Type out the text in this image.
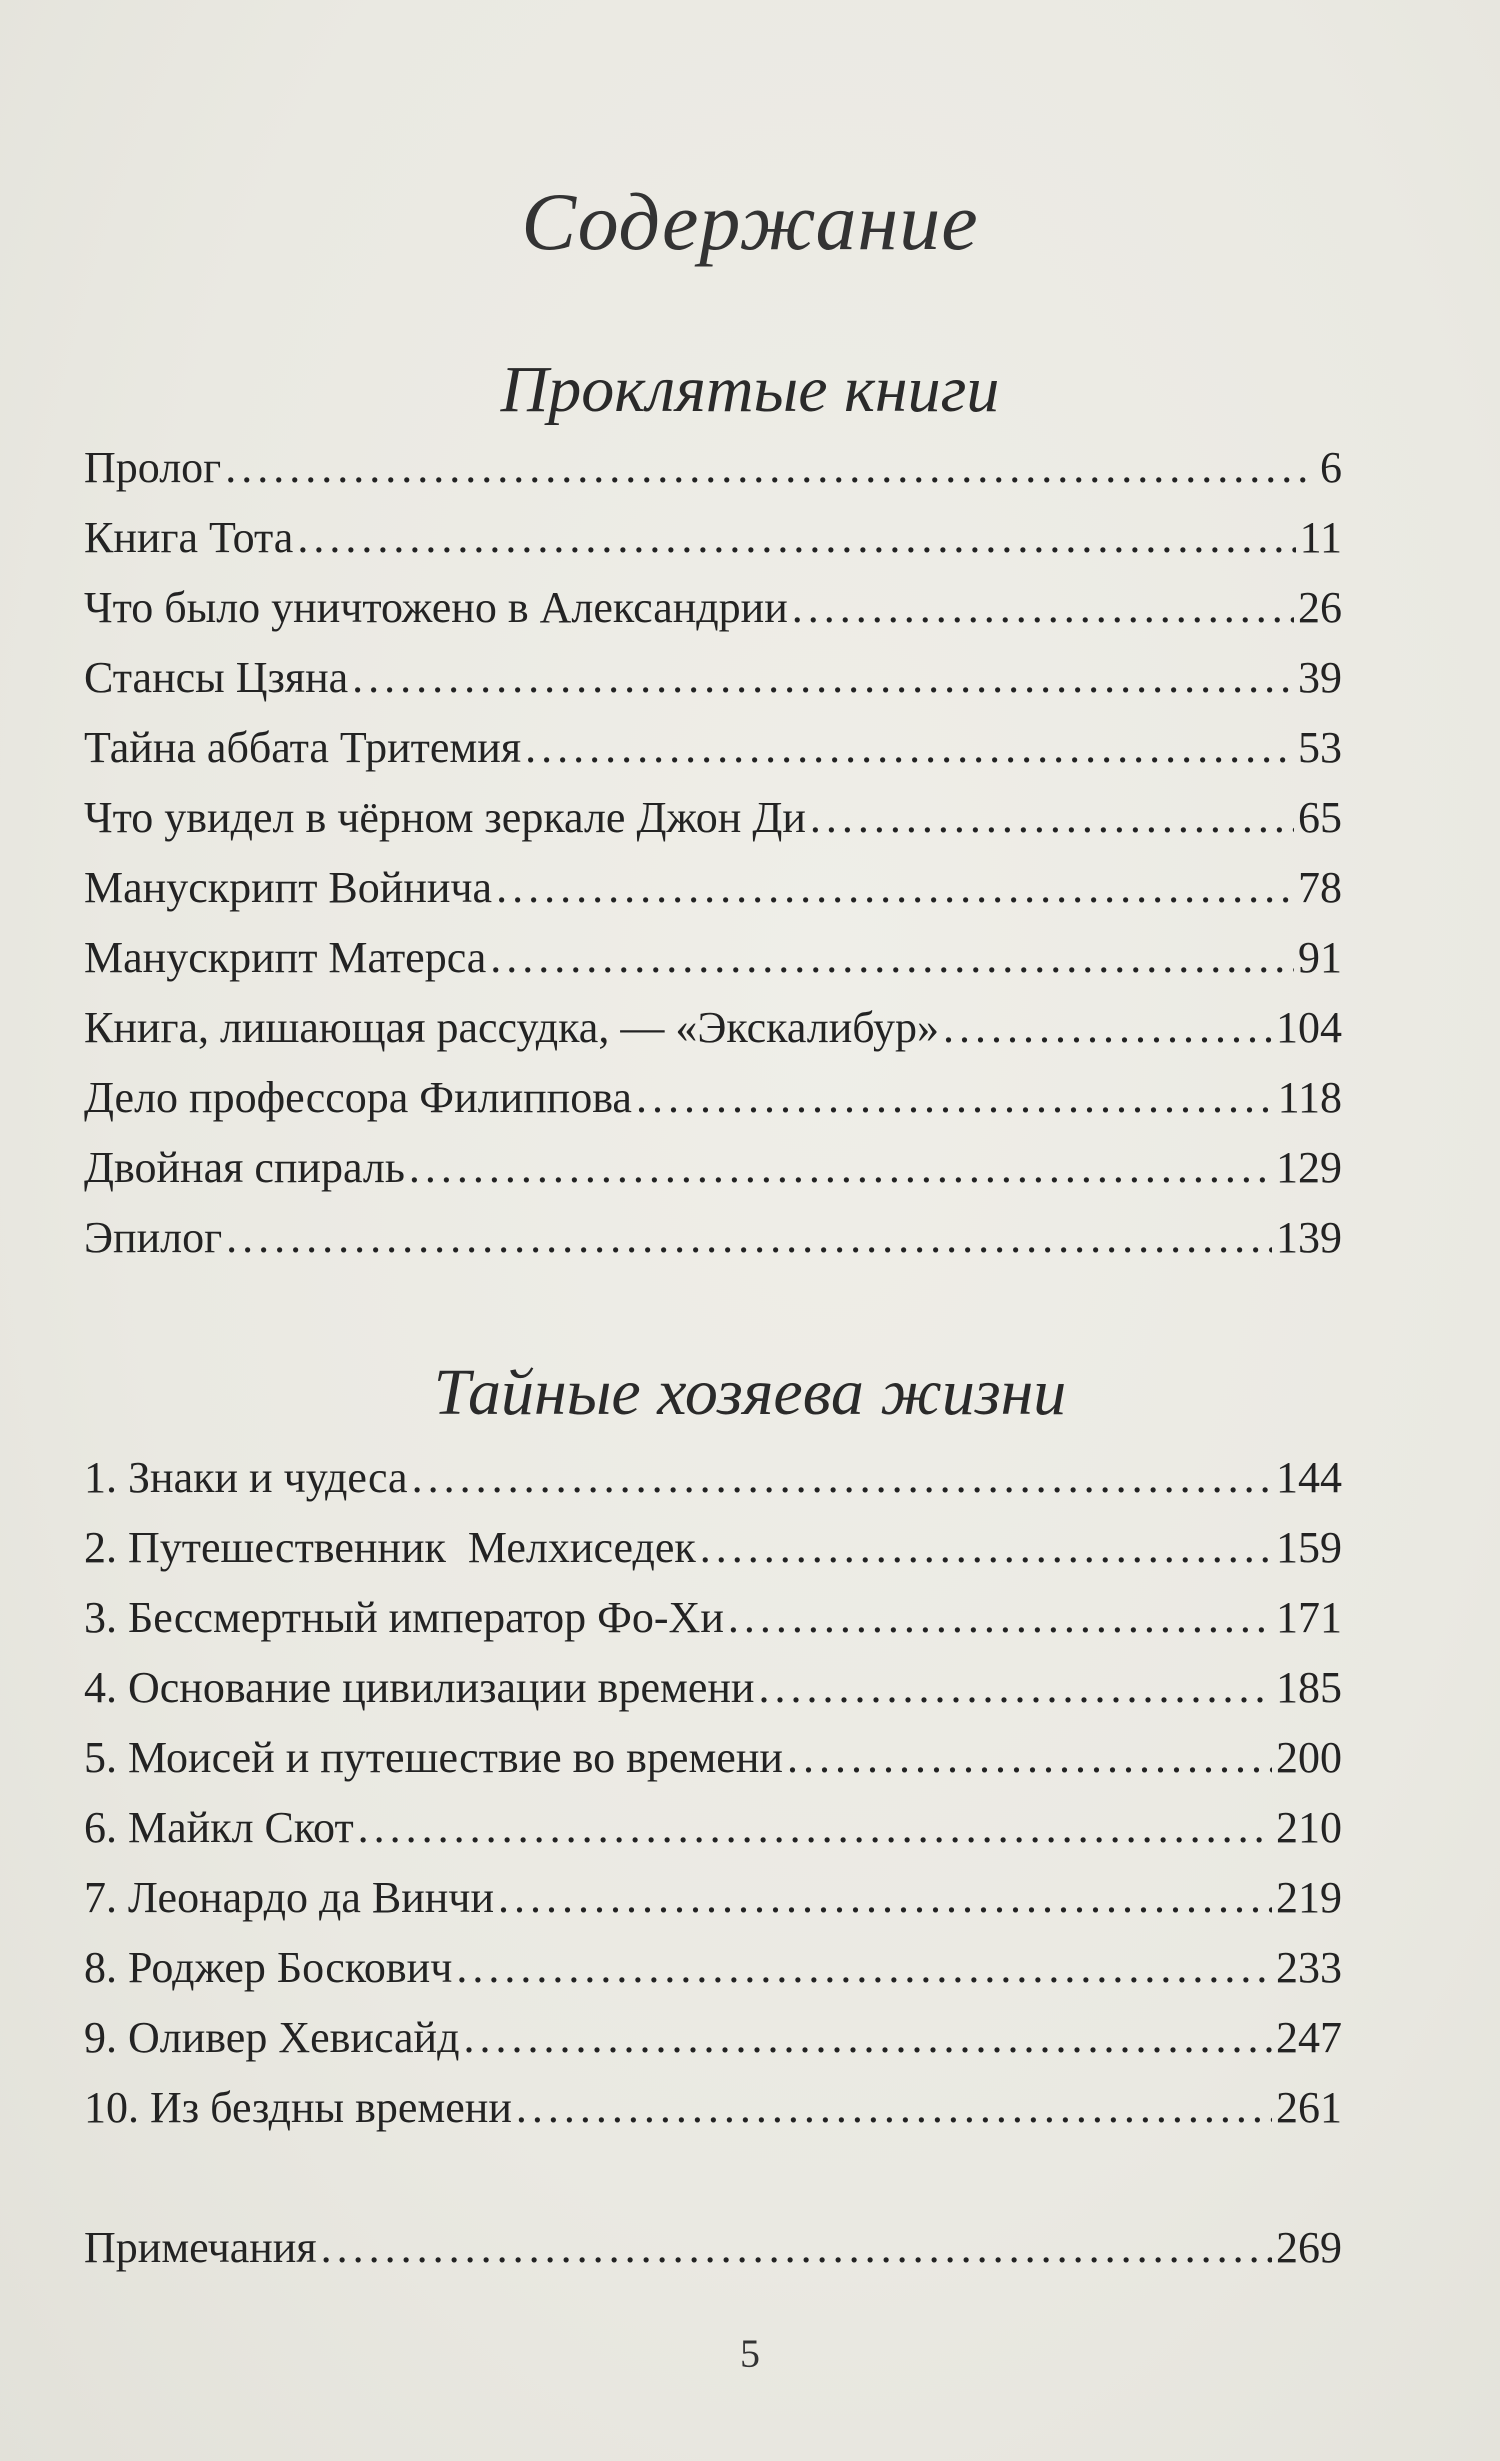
Содержание
Проклятые книги
Пролог . . .	6
Книга Тота . . .	11
Что было уничтожено в Александрии . . .	26
Стансы Цзяна . . .	39
Тайна аббата Тритемия . . .	53
Что увидел в чёрном зеркале Джон Ди . . .	65
Манускрипт Войнича . . .	78
Манускрипт Матерса . . .	91
Книга, лишающая рассудка, — «Экскалибур» . . .	104
Дело профессора Филиппова . . .	118
Двойная спираль . . .	129
Эпилог . . .	139
Тайные хозяева жизни
1. Знаки и чудеса . . .	144
2. Путешественник  Мелхиседек . . .	159
3. Бессмертный император Фо-Хи . . .	171
4. Основание цивилизации времени . . .	185
5. Моисей и путешествие во времени . . .	200
6. Майкл Скот . . .	210
7. Леонардо да Винчи . . .	219
8. Роджер Боскович . . .	233
9. Оливер Хевисайд . . .	247
10. Из бездны времени . . .	261
Примечания . . .	269
5
